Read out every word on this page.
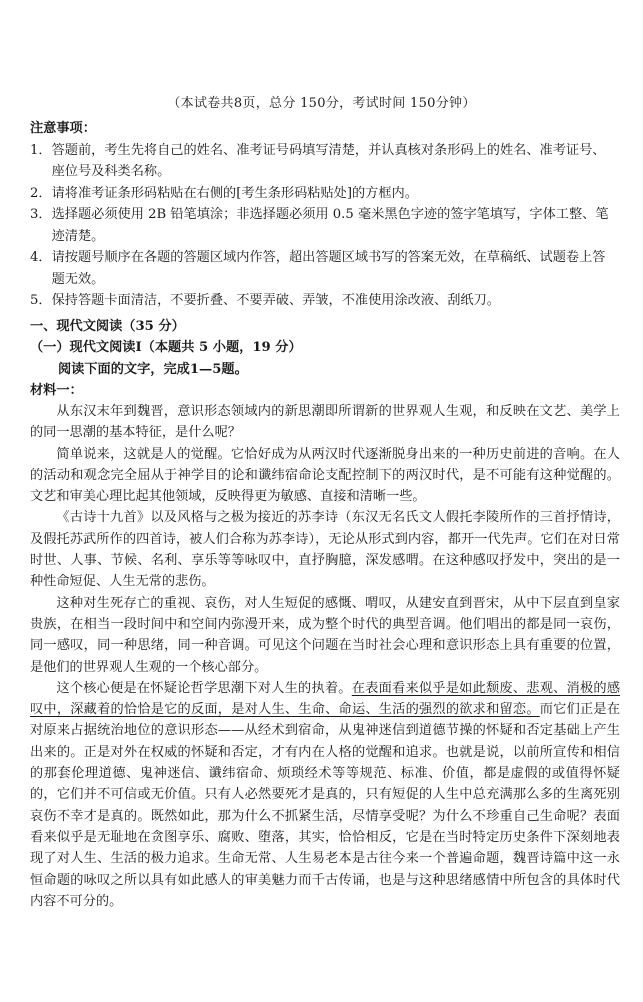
（本试卷共8页，总分 150分，考试时间 150分钟）
注意事项：
1． 答题前，考生先将自己的姓名、准考证号码填写清楚，并认真核对条形码上的姓名、准考证号、座位号及科类名称。
2． 请将准考证条形码粘贴在右侧的[考生条形码粘贴处]的方框内。
3． 选择题必须使用 2B 铅笔填涂；非选择题必须用 0.5 毫米黑色字迹的签字笔填写，字体工整、笔迹清楚。
4． 请按题号顺序在各题的答题区域内作答，超出答题区域书写的答案无效，在草稿纸、试题卷上答题无效。
5． 保持答题卡面清洁，不要折叠、不要弄破、弄皱，不准使用涂改液、刮纸刀。
一、现代文阅读（35 分）
（一）现代文阅读Ⅰ（本题共 5 小题，19 分）
阅读下面的文字，完成1—5题。
材料一：

从东汉末年到魏晋，意识形态领域内的新思潮即所谓新的世界观人生观，和反映在文艺、美学上的同一思潮的基本特征，是什么呢？

简单说来，这就是人的觉醒。它恰好成为从两汉时代逐渐脱身出来的一种历史前进的音响。在人的活动和观念完全屈从于神学目的论和谶纬宿命论支配控制下的两汉时代，是不可能有这种觉醒的。文艺和审美心理比起其他领域，反映得更为敏感、直接和清晰一些。

《古诗十九首》以及风格与之极为接近的苏李诗（东汉无名氏文人假托李陵所作的三首抒情诗，及假托苏武所作的四首诗，被人们合称为苏李诗），无论从形式到内容，都开一代先声。它们在对日常时世、人事、节候、名利、享乐等等咏叹中，直抒胸臆，深发感喟。在这种感叹抒发中，突出的是一种性命短促、人生无常的悲伤。

这种对生死存亡的重视、哀伤，对人生短促的感慨、喟叹，从建安直到晋宋，从中下层直到皇家贵族，在相当一段时间中和空间内弥漫开来，成为整个时代的典型音调。他们唱出的都是同一哀伤，同一感叹，同一种思绪，同一种音调。可见这个问题在当时社会心理和意识形态上具有重要的位置，是他们的世界观人生观的一个核心部分。

这个核心便是在怀疑论哲学思潮下对人生的执着。在表面看来似乎是如此颓废、悲观、消极的感叹中，深藏着的恰恰是它的反面，是对人生、生命、命运、生活的强烈的欲求和留恋。而它们正是在对原来占据统治地位的意识形态——从经术到宿命，从鬼神迷信到道德节操的怀疑和否定基础上产生出来的。正是对外在权威的怀疑和否定，才有内在人格的觉醒和追求。也就是说，以前所宣传和相信的那套伦理道德、鬼神迷信、谶纬宿命、烦琐经术等等规范、标准、价值，都是虚假的或值得怀疑的，它们并不可信或无价值。只有人必然要死才是真的，只有短促的人生中总充满那么多的生离死别哀伤不幸才是真的。既然如此，那为什么不抓紧生活，尽情享受呢？为什么不珍重自己生命呢？表面看来似乎是无耻地在贪图享乐、腐败、堕落，其实，恰恰相反，它是在当时特定历史条件下深刻地表现了对人生、生活的极力追求。生命无常、人生易老本是古往今来一个普遍命题，魏晋诗篇中这一永恒命题的咏叹之所以具有如此感人的审美魅力而千古传诵，也是与这种思绪感情中所包含的具体时代内容不可分的。
